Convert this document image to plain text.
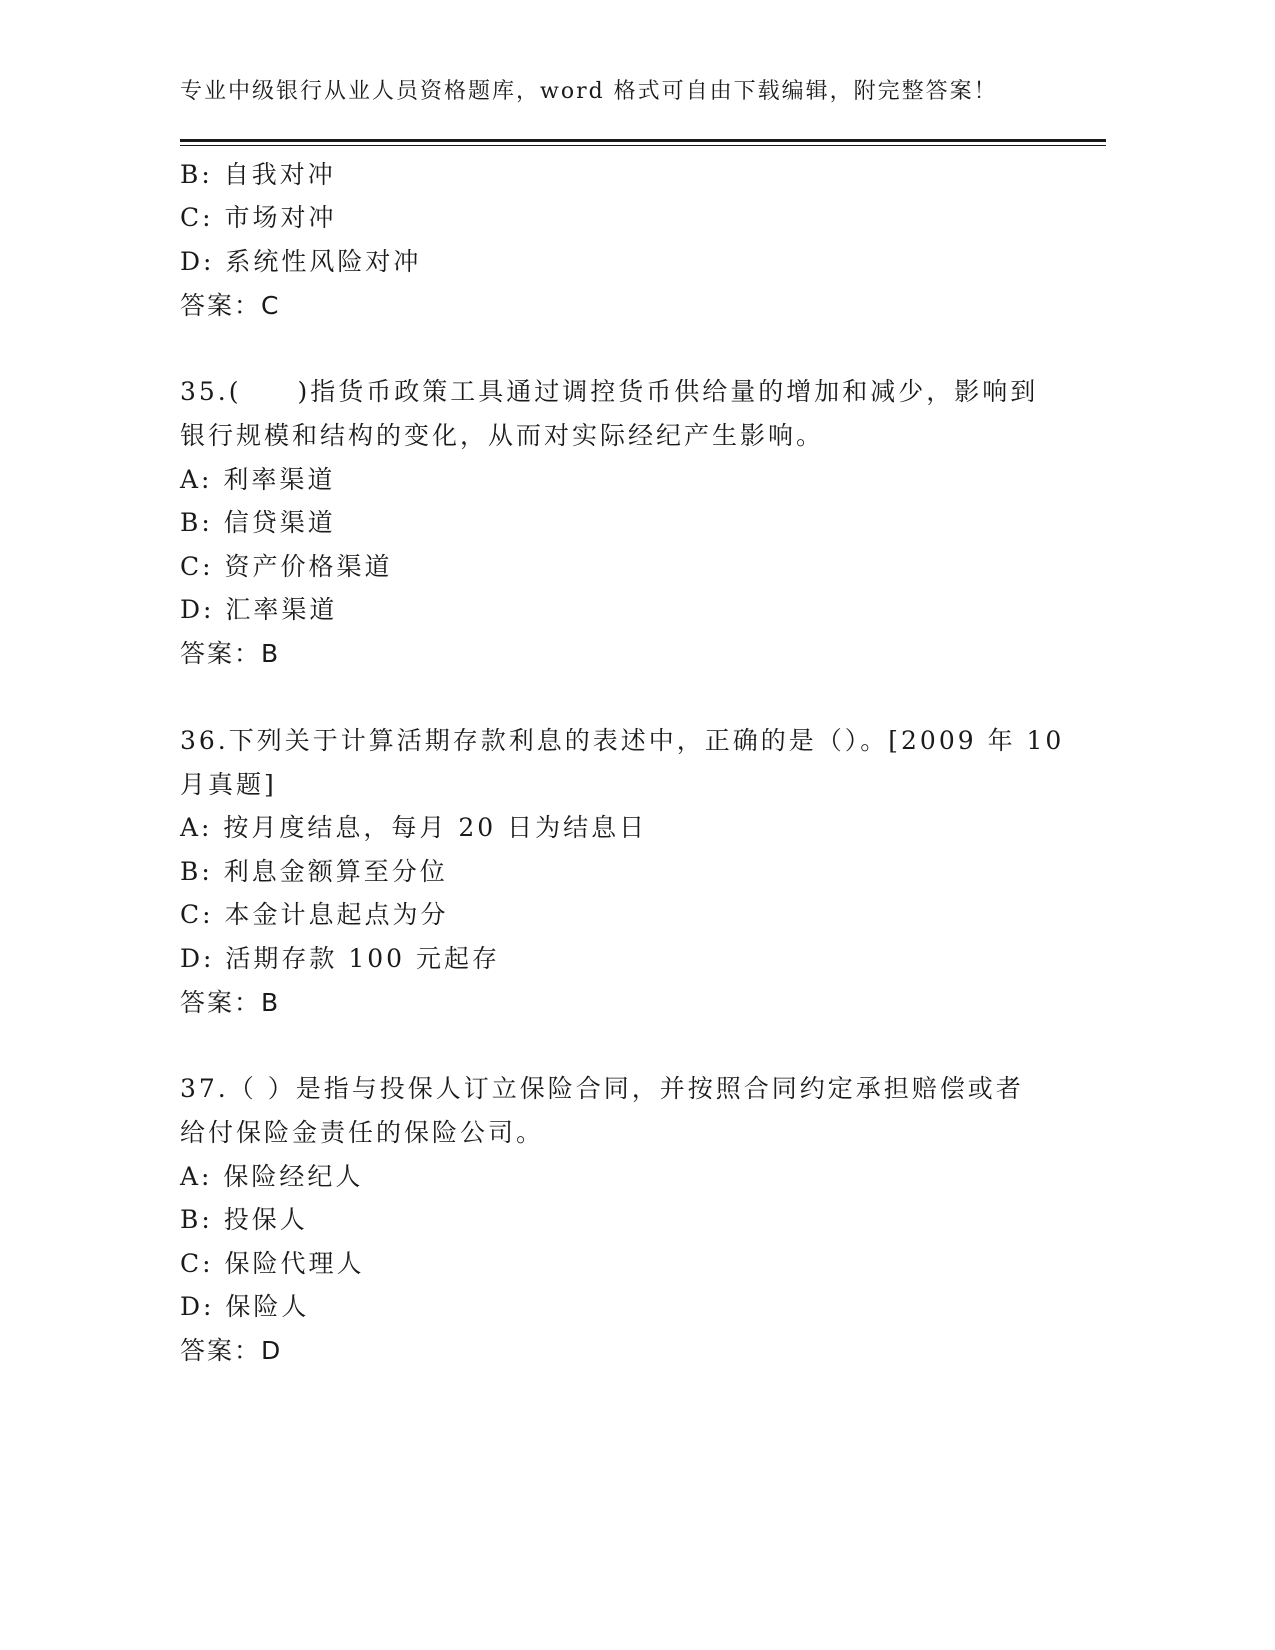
专业中级银行从业人员资格题库，word 格式可自由下载编辑，附完整答案！
B: 自我对冲
C: 市场对冲
D: 系统性风险对冲
答案：C
35.(　　)指货币政策工具通过调控货币供给量的增加和减少，影响到
银行规模和结构的变化，从而对实际经纪产生影响。
A: 利率渠道
B: 信贷渠道
C: 资产价格渠道
D: 汇率渠道
答案：B
36.下列关于计算活期存款利息的表述中，正确的是（）。[2009 年 10
月真题]
A: 按月度结息，每月 20 日为结息日
B: 利息金额算至分位
C: 本金计息起点为分
D: 活期存款 100 元起存
答案：B
37.（ ）是指与投保人订立保险合同，并按照合同约定承担赔偿或者
给付保险金责任的保险公司。
A: 保险经纪人
B: 投保人
C: 保险代理人
D: 保险人
答案：D
